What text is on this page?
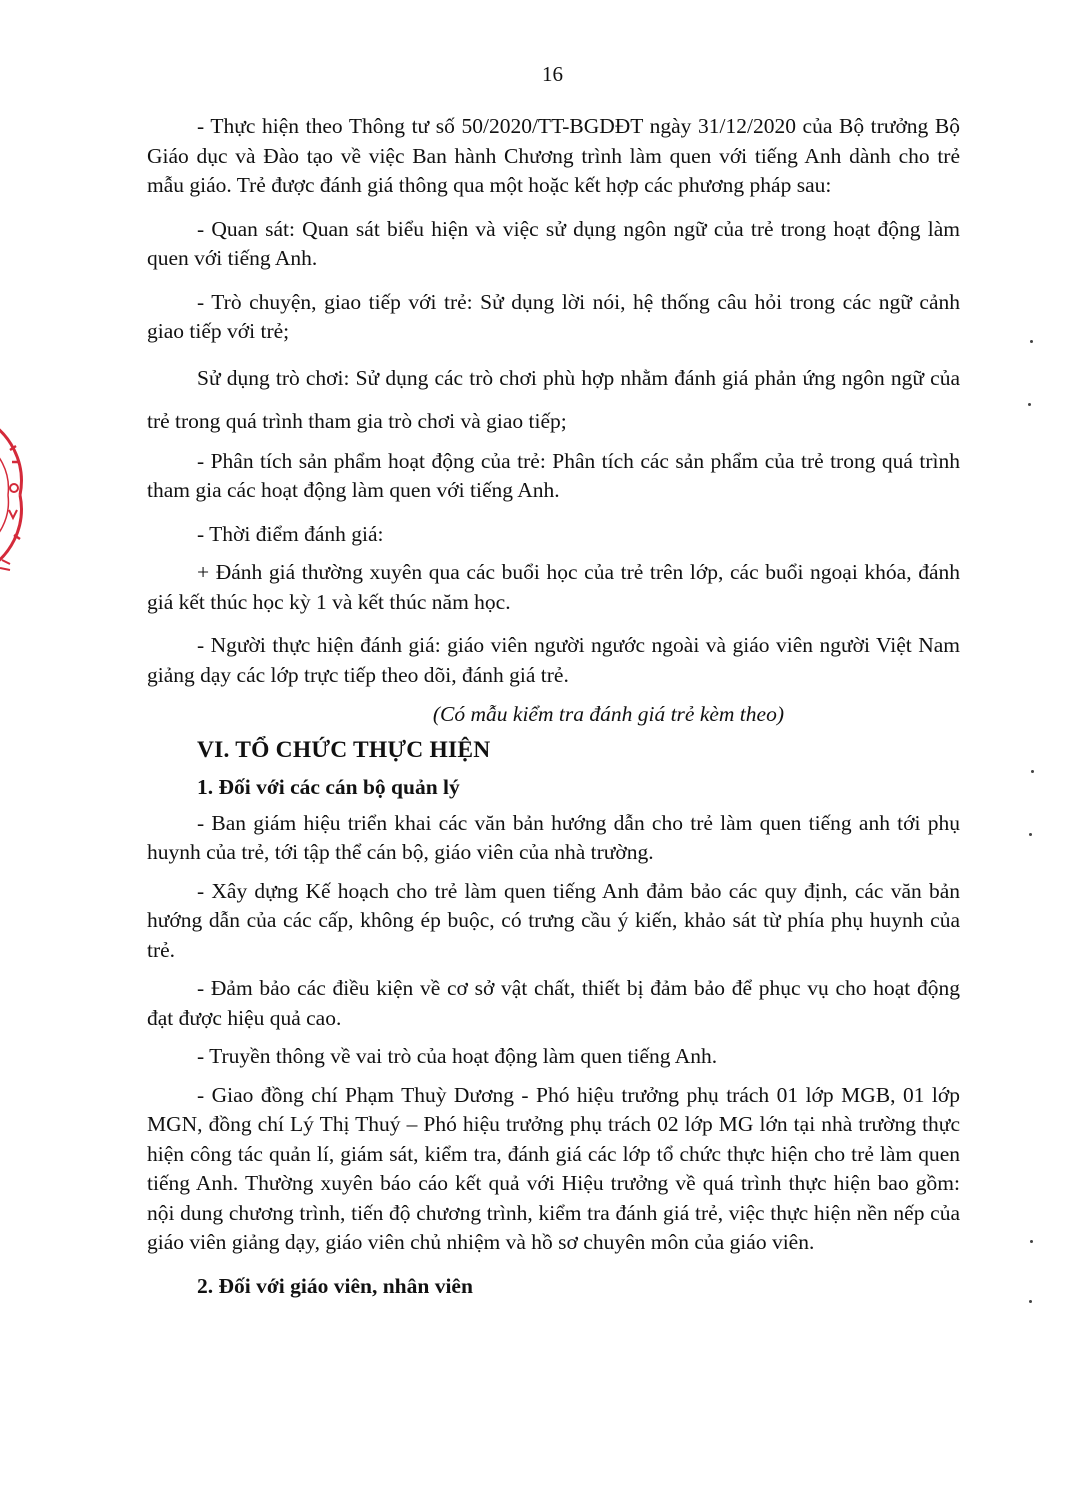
16

- Thực hiện theo Thông tư số 50/2020/TT-BGDĐT ngày 31/12/2020 của Bộ trưởng Bộ Giáo dục và Đào tạo về việc Ban hành Chương trình làm quen với tiếng Anh dành cho trẻ mẫu giáo. Trẻ được đánh giá thông qua một hoặc kết hợp các phương pháp sau:

- Quan sát: Quan sát biểu hiện và việc sử dụng ngôn ngữ của trẻ trong hoạt động làm quen với tiếng Anh.

- Trò chuyện, giao tiếp với trẻ: Sử dụng lời nói, hệ thống câu hỏi trong các ngữ cảnh giao tiếp với trẻ;

Sử dụng trò chơi: Sử dụng các trò chơi phù hợp nhằm đánh giá phản ứng ngôn ngữ của trẻ trong quá trình tham gia trò chơi và giao tiếp;

- Phân tích sản phẩm hoạt động của trẻ: Phân tích các sản phẩm của trẻ trong quá trình tham gia các hoạt động làm quen với tiếng Anh.

- Thời điểm đánh giá:

+ Đánh giá thường xuyên qua các buổi học của trẻ trên lớp, các buổi ngoại khóa, đánh giá kết thúc học kỳ 1 và kết thúc năm học.

- Người thực hiện đánh giá: giáo viên người ngước ngoài và giáo viên người Việt Nam giảng dạy các lớp trực tiếp theo dõi, đánh giá trẻ.

(Có mẫu kiểm tra đánh giá trẻ kèm theo)
VI. TỔ CHỨC THỰC HIỆN
1. Đối với các cán bộ quản lý

- Ban giám hiệu triển khai các văn bản hướng dẫn cho trẻ làm quen tiếng anh tới phụ huynh của trẻ, tới tập thể cán bộ, giáo viên của nhà trường.

- Xây dựng Kế hoạch cho trẻ làm quen tiếng Anh đảm bảo các quy định, các văn bản hướng dẫn của các cấp, không ép buộc, có trưng cầu ý kiến, khảo sát từ phía phụ huynh của trẻ.

- Đảm bảo các điều kiện về cơ sở vật chất, thiết bị đảm bảo để phục vụ cho hoạt động đạt được hiệu quả cao.

- Truyền thông về vai trò của hoạt động làm quen tiếng Anh.

- Giao đồng chí Phạm Thuỳ Dương - Phó hiệu trưởng phụ trách 01 lớp MGB, 01 lớp MGN, đồng chí Lý Thị Thuý – Phó hiệu trưởng phụ trách 02 lớp MG lớn tại nhà trường thực hiện công tác quản lí, giám sát, kiểm tra, đánh giá các lớp tổ chức thực hiện cho trẻ làm quen tiếng Anh. Thường xuyên báo cáo kết quả với Hiệu trưởng về quá trình thực hiện bao gồm: nội dung chương trình, tiến độ chương trình, kiểm tra đánh giá trẻ, việc thực hiện nền nếp của giáo viên giảng dạy, giáo viên chủ nhiệm và hồ sơ chuyên môn của giáo viên.

2. Đối với giáo viên, nhân viên
